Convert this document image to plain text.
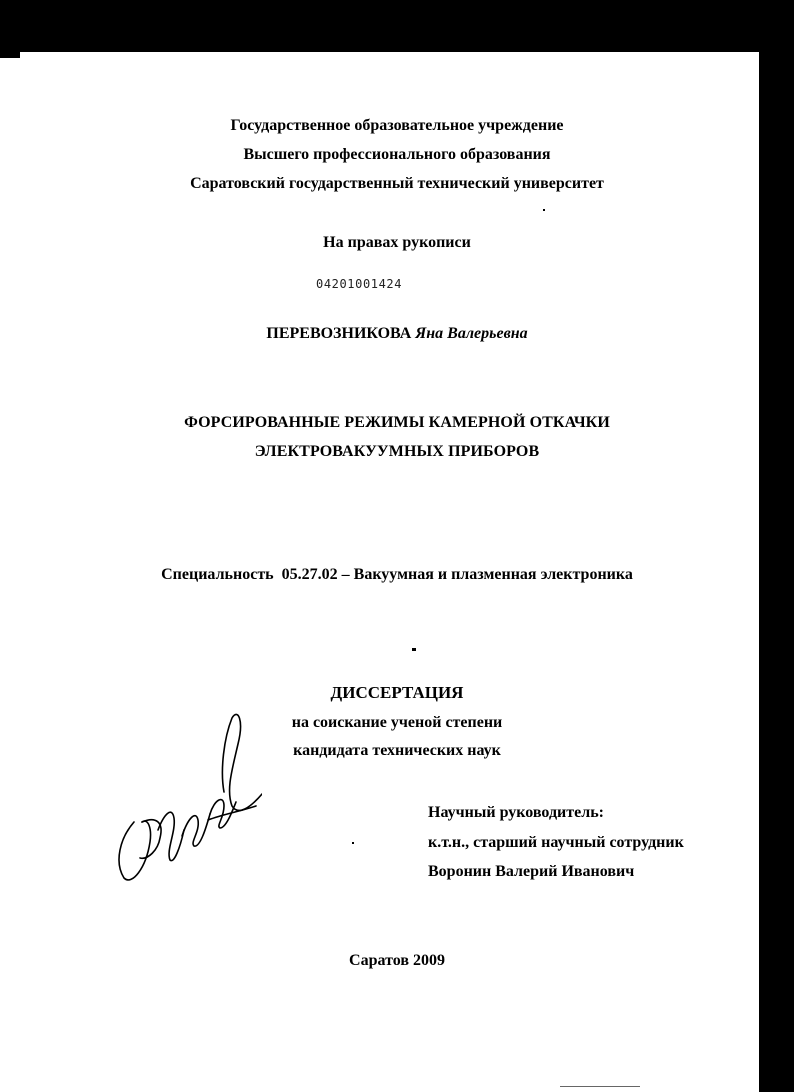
Государственное образовательное учреждение
Высшего профессионального образования
Саратовский государственный технический университет
На правах рукописи
04201001424
ПЕРЕВОЗНИКОВА Яна Валерьевна
ФОРСИРОВАННЫЕ РЕЖИМЫ КАМЕРНОЙ ОТКАЧКИ
ЭЛЕКТРОВАКУУМНЫХ ПРИБОРОВ
Специальность 05.27.02 – Вакуумная и плазменная электроника
ДИССЕРТАЦИЯ
на соискание ученой степени
кандидата технических наук
Научный руководитель:
к.т.н., старший научный сотрудник
Воронин Валерий Иванович
Саратов 2009
